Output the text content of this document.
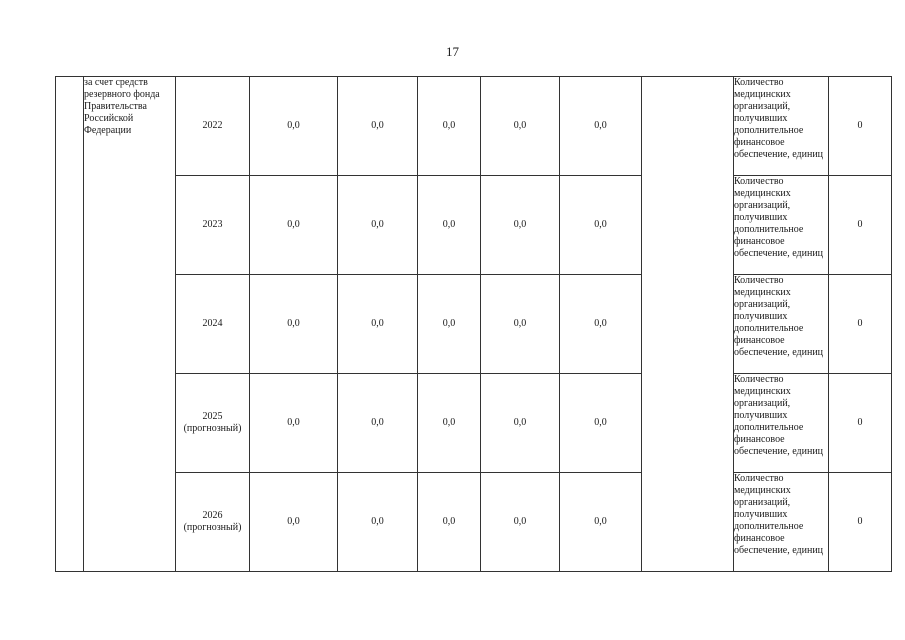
17
	за счет средств резервного фонда Правительства Российской Федерации	2022	0,0	0,0	0,0	0,0	0,0		Количество медицинских организаций, получивших дополнительное финансовое обеспечение, единиц	0
		2023	0,0	0,0	0,0	0,0	0,0		Количество медицинских организаций, получивших дополнительное финансовое обеспечение, единиц	0
		2024	0,0	0,0	0,0	0,0	0,0		Количество медицинских организаций, получивших дополнительное финансовое обеспечение, единиц	0
		2025 (прогнозный)	0,0	0,0	0,0	0,0	0,0		Количество медицинских организаций, получивших дополнительное финансовое обеспечение, единиц	0
		2026 (прогнозный)	0,0	0,0	0,0	0,0	0,0		Количество медицинских организаций, получивших дополнительное финансовое обеспечение, единиц	0
